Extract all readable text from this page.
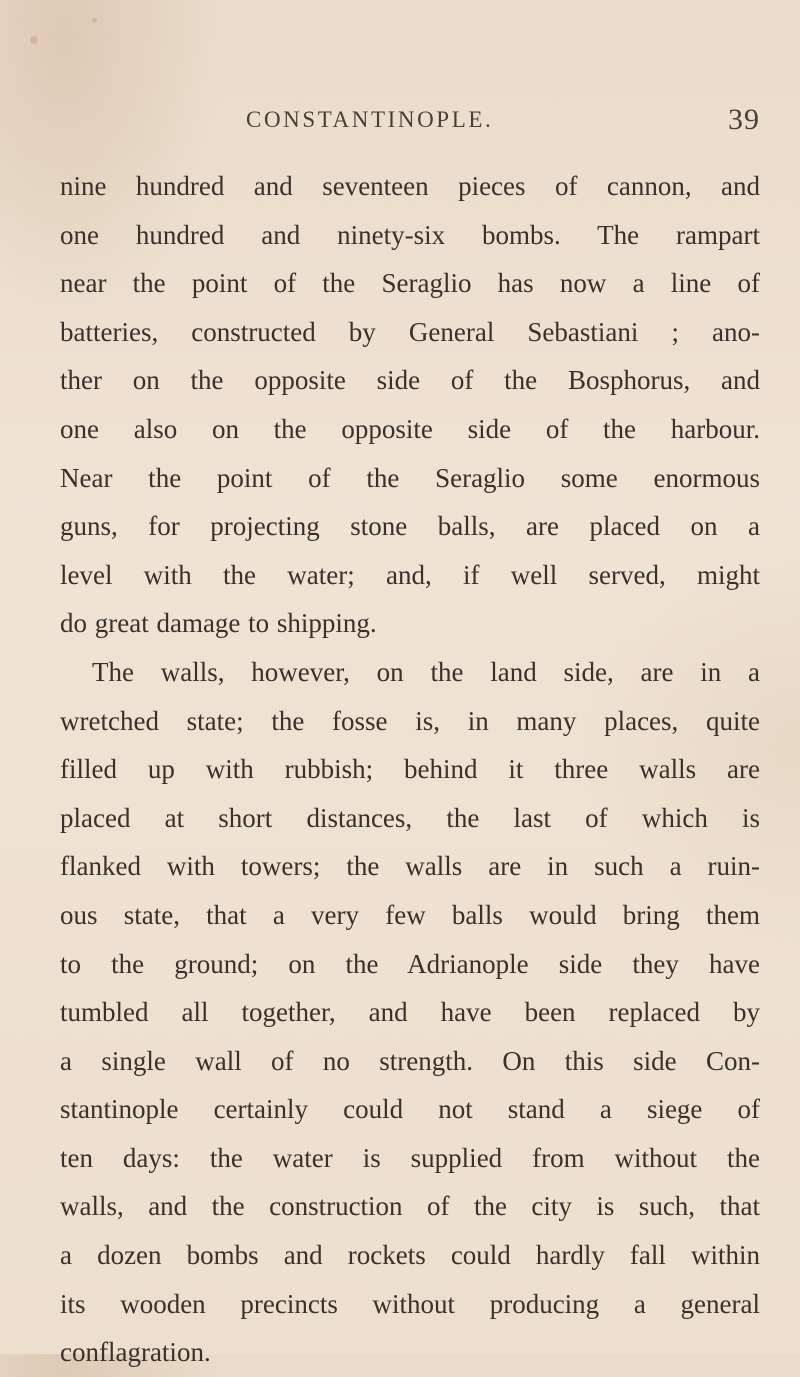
CONSTANTINOPLE.	39
nine hundred and seventeen pieces of cannon, and
one hundred and ninety-six bombs. The rampart
near the point of the Seraglio has now a line of
batteries, constructed by General Sebastiani ; ano-
ther on the opposite side of the Bosphorus, and
one also on the opposite side of the harbour.
Near the point of the Seraglio some enormous
guns, for projecting stone balls, are placed on a
level with the water; and, if well served, might
do great damage to shipping.
The walls, however, on the land side, are in a
wretched state; the fosse is, in many places, quite
filled up with rubbish; behind it three walls are
placed at short distances, the last of which is
flanked with towers; the walls are in such a ruin-
ous state, that a very few balls would bring them
to the ground; on the Adrianople side they have
tumbled all together, and have been replaced by
a single wall of no strength. On this side Con-
stantinople certainly could not stand a siege of
ten days: the water is supplied from without the
walls, and the construction of the city is such, that
a dozen bombs and rockets could hardly fall within
its wooden precincts without producing a general
conflagration.
